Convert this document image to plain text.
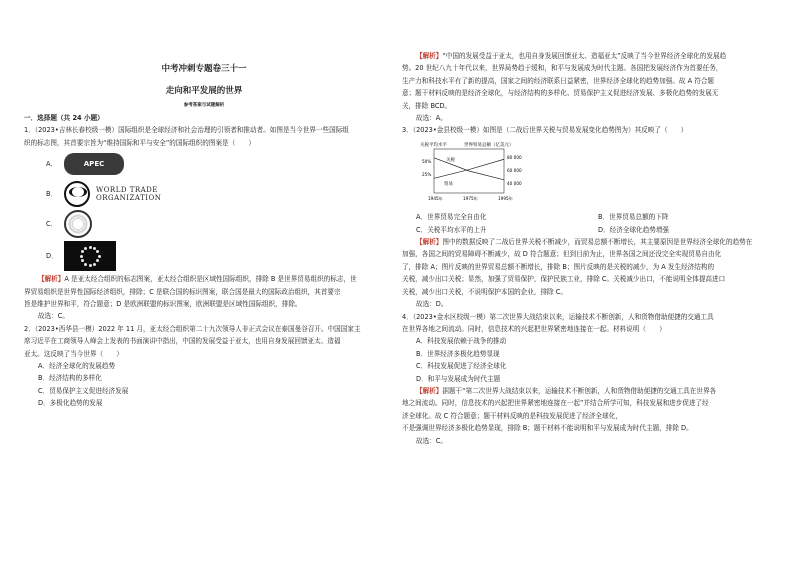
中考冲刺专题卷三十一
走向和平发展的世界
参考答案与试题解析
一．选择题（共 24 小题）

1．（2023•吉林长春校级一模）国际组织是全球经济和社会治理的引领者和推动者。如图是当今世界一些国际组

织的标志图，其首要宗旨为“维持国际和平与安全”的国际组织的图案是（　　）

A．	APEC
B．	WORLD TRADE
ORGANIZATION
C．
D．

【解析】A 是亚太经合组织的标志图案，亚太经合组织是区域性国际组织，排除 B 是世界贸易组织的标志，世

界贸易组织是世界性国际经济组织，排除；C 是联合国的标识图案，联合国是最大的国际政治组织，其首要宗

旨是维护世界和平，符合题意；D 是欧洲联盟的标识图案，欧洲联盟是区域性国际组织，排除。

故选：C。

2．（2023•西华县一模）2022 年 11 月，亚太经合组织第二十九次领导人非正式会议在泰国曼谷召开。中国国家主

席习近平在工商领导人峰会上发表的书面演讲中指出，中国的发展受益于亚太，也用自身发展回馈亚太、造福

亚太。这反映了当今世界（　　）

A．经济全球化的发展趋势

B．经济结构的多样化

C．贸易保护主义促进经济发展

D．多极化趋势的发展

【解析】“中国的发展受益于亚太，也用自身发展回馈亚太、造福亚太”反映了当今世界经济全球化的发展趋

势。20 世纪八九十年代以来，世界局势趋于缓和，和平与发展成为时代主题。各国把发展经济作为首要任务，

生产力和科技水平有了新的提高，国家之间的经济联系日益紧密，世界经济全球化的趋势加强。故 A 符合题

意；题干材料反映的是经济全球化，与经济结构的多样化、贸易保护主义促进经济发展、多极化趋势的发展无

关，排除 BCD。

故选：A。

3．（2023•金县校级一模）如图是（二战后世界关税与贸易发展变化趋势图为）其反映了（　　）

关税平均水平	世界贸易总额（亿美元）
关税
贸易
1945年	1975年	1995年
50%
25%
80 000
60 000
40 000

A．世界贸易完全自由化	B．世界贸易总额的下降

C．关税平均水平的上升	D．经济全球化趋势增强

【解析】图中的数据反映了二战后世界关税不断减少，而贸易总额不断增长，其主要原因是世界经济全球化的趋势在

加强，各国之间的贸易障碍不断减少，故 D 符合题意；但到目前为止，世界各国之间还没完全实现贸易自由化

了，排除 A；图片反映的世界贸易总额不断增长，排除 B；图片反映的是关税的减少，为 A 发生经济结构的

关税，减少出口关税；显然，加强了贸易保护，保护民族工业，排除 C。关税减少出口，不能说明全体提高进口

关税，减少出口关税，不说明保护本国的企业，排除 C。

故选：D。

4．（2023•金水区校级一模）第二次世界大战结束以来，运输技术不断创新，人和货物借助便捷的交通工具

在世界各地之间流动。同时，信息技术的兴起把世界紧密地连接在一起。材料说明（　　）

A．科技发展依赖于战争的推动

B．世界经济多极化趋势显现

C．科技发展促进了经济全球化

D．和平与发展成为时代主题

【解析】据题干“第二次世界大战结束以来，运输技术不断创新，人和货物借助便捷的交通工具在世界各

地之间流动。同时，信息技术的兴起把世界紧密地连接在一起”并结合所学可知，科技发展和进步促进了经

济全球化。故 C 符合题意；题干材料反映的是科技发展促进了经济全球化，

不是强调世界经济多极化趋势显现，排除 B；题干材料不能说明和平与发展成为时代主题，排除 D。

故选：C。
